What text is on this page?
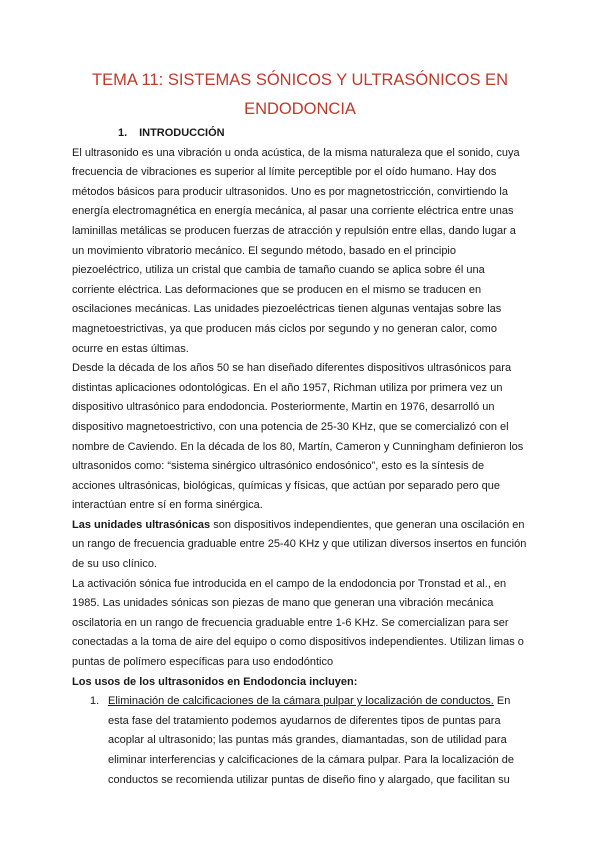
TEMA 11: SISTEMAS SÓNICOS Y ULTRASÓNICOS EN ENDODONCIA

1. INTRODUCCIÓN

El ultrasonido es una vibración u onda acústica, de la misma naturaleza que el sonido, cuya frecuencia de vibraciones es superior al límite perceptible por el oído humano. Hay dos métodos básicos para producir ultrasonidos. Uno es por magnetostricción, convirtiendo la energía electromagnética en energía mecánica, al pasar una corriente eléctrica entre unas laminillas metálicas se producen fuerzas de atracción y repulsión entre ellas, dando lugar a un movimiento vibratorio mecánico. El segundo método, basado en el principio piezoeléctrico, utiliza un cristal que cambia de tamaño cuando se aplica sobre él una corriente eléctrica. Las deformaciones que se producen en el mismo se traducen en oscilaciones mecánicas. Las unidades piezoeléctricas tienen algunas ventajas sobre las magnetoestrictivas, ya que producen más ciclos por segundo y no generan calor, como ocurre en estas últimas.

Desde la década de los años 50 se han diseñado diferentes dispositivos ultrasónicos para distintas aplicaciones odontológicas. En el año 1957, Richman utiliza por primera vez un dispositivo ultrasónico para endodoncia. Posteriormente, Martin en 1976, desarrolló un dispositivo magnetoestrictivo, con una potencia de 25-30 KHz, que se comercializó con el nombre de Caviendo. En la década de los 80, Martín, Cameron y Cunningham definieron los ultrasonidos como: “sistema sinérgico ultrasónico endosónico”, esto es la síntesis de acciones ultrasónicas, biológicas, químicas y físicas, que actúan por separado pero que interactúan entre sí en forma sinérgica.

Las unidades ultrasónicas son dispositivos independientes, que generan una oscilación en un rango de frecuencia graduable entre 25-40 KHz y que utilizan diversos insertos en función de su uso clínico.

La activación sónica fue introducida en el campo de la endodoncia por Tronstad et al., en 1985. Las unidades sónicas son piezas de mano que generan una vibración mecánica oscilatoria en un rango de frecuencia graduable entre 1-6 KHz. Se comercializan para ser conectadas a la toma de aire del equipo o como dispositivos independientes. Utilizan limas o puntas de polímero específicas para uso endodóntico

Los usos de los ultrasonidos en Endodoncia incluyen:

1. Eliminación de calcificaciones de la cámara pulpar y localización de conductos. En esta fase del tratamiento podemos ayudarnos de diferentes tipos de puntas para acoplar al ultrasonido; las puntas más grandes, diamantadas, son de utilidad para eliminar interferencias y calcificaciones de la cámara pulpar. Para la localización de conductos se recomienda utilizar puntas de diseño fino y alargado, que facilitan su
